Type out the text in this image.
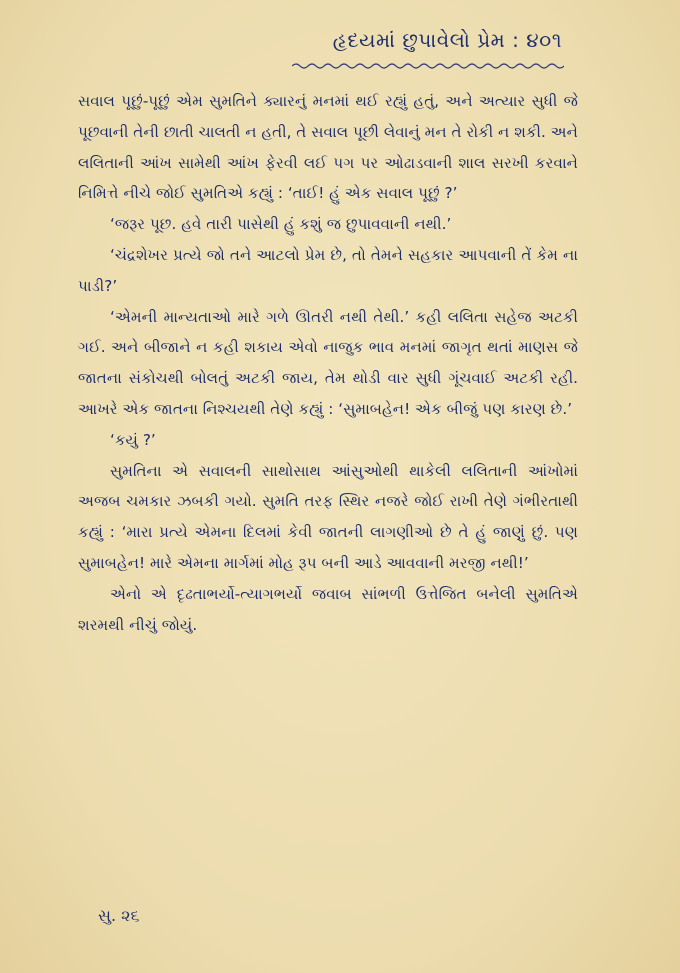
હૃદયમાં છુપાવેલો પ્રેમ : ૪૦૧

સવાલ પૂછું-પૂછું એમ સુમતિને ક્યારનું મનમાં થઈ રહ્યું હતું, અને અત્યાર સુધી જે પૂછવાની તેની છાતી ચાલતી ન હતી, તે સવાલ પૂછી લેવાનું મન તે રોકી ન શકી. અને લલિતાની આંખ સામેથી આંખ ફેરવી લઈ પગ પર ઓઢાડવાની શાલ સરખી કરવાને નિમિત્તે નીચે જોઈ સુમતિએ કહ્યું : ‘તાઈ! હું એક સવાલ પૂછું ?’

‘જરૂર પૂછ. હવે તારી પાસેથી હું કશું જ છુપાવવાની નથી.’

‘ચંદ્રશેખર પ્રત્યે જો તને આટલો પ્રેમ છે, તો તેમને સહકાર આપવાની તેં કેમ ના પાડી?’

‘એમની માન્યતાઓ મારે ગળે ઊતરી નથી તેથી.’ કહી લલિતા સહેજ અટકી ગઈ. અને બીજાને ન કહી શકાય એવો નાજુક ભાવ મનમાં જાગૃત થતાં માણસ જે જાતના સંકોચથી બોલતું અટકી જાય, તેમ થોડી વાર સુધી ગૂંચવાઈ અટકી રહી. આખરે એક જાતના નિશ્ચયથી તેણે કહ્યું : ‘સુમાબહેન! એક બીજું પણ કારણ છે.’

‘કયું ?’

સુમતિના એ સવાલની સાથોસાથ આંસુઓથી થાકેલી લલિતાની આંખોમાં અજબ ચમકાર ઝબકી ગયો. સુમતિ તરફ સ્થિર નજરે જોઈ રાખી તેણે ગંભીરતાથી કહ્યું : ‘મારા પ્રત્યે એમના દિલમાં કેવી જાતની લાગણીઓ છે તે હું જાણું છું. પણ સુમાબહેન! મારે એમના માર્ગમાં મોહ રૂપ બની આડે આવવાની મરજી નથી!’

એનો એ દૃઢતાભર્યો-ત્યાગભર્યો જવાબ સાંભળી ઉત્તેજિત બનેલી સુમતિએ શરમથી નીચું જોયું.

સુ. ૨૬
